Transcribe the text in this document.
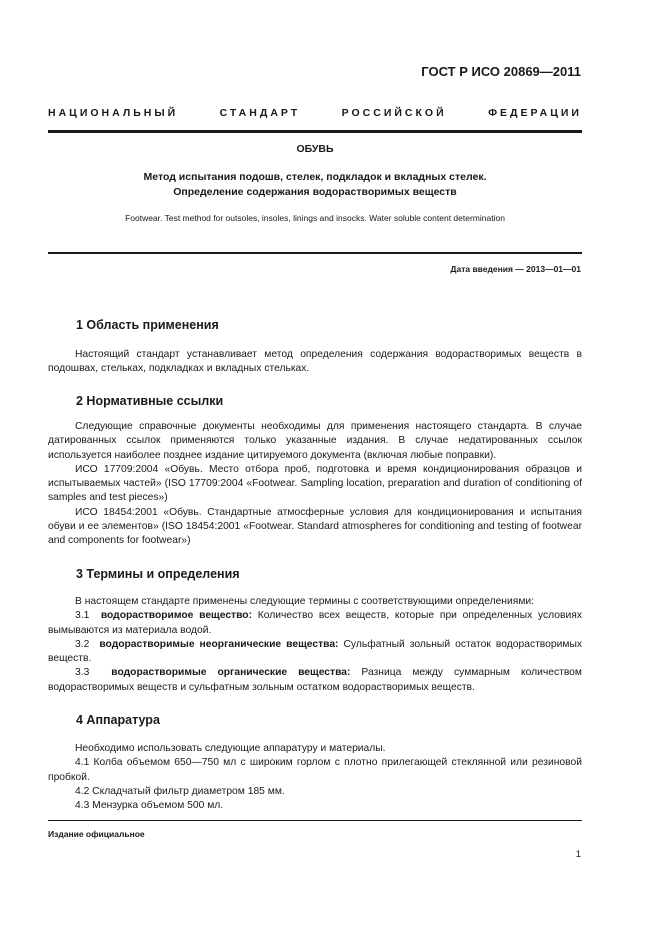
ГОСТ Р ИСО 20869—2011
НАЦИОНАЛЬНЫЙ	СТАНДАРТ	РОССИЙСКОЙ	ФЕДЕРАЦИИ
ОБУВЬ
Метод испытания подошв, стелек, подкладок и вкладных стелек.
Определение содержания водорастворимых веществ
Footwear. Test method for outsoles, insoles, linings and insocks. Water soluble content determination
Дата введения — 2013—01—01
1 Область применения

Настоящий стандарт устанавливает метод определения содержания водорастворимых веществ в подошвах, стельках, подкладках и вкладных стельках.

2 Нормативные ссылки

Следующие справочные документы необходимы для применения настоящего стандарта. В случае датированных ссылок применяются только указанные издания. В случае недатированных ссылок используется наиболее позднее издание цитируемого документа (включая любые поправки).

ИСО 17709:2004 «Обувь. Место отбора проб, подготовка и время кондиционирования образцов и испытываемых частей» (ISO 17709:2004 «Footwear. Sampling location, preparation and duration of conditioning of samples and test pieces»)

ИСО 18454:2001 «Обувь. Стандартные атмосферные условия для кондиционирования и испытания обуви и ее элементов» (ISO 18454:2001 «Footwear. Standard atmospheres for conditioning and testing of footwear and components for footwear»)

3 Термины и определения

В настоящем стандарте применены следующие термины с соответствующими определениями:

3.1 водорастворимое вещество: Количество всех веществ, которые при определенных условиях вымываются из материала водой.

3.2 водорастворимые неорганические вещества: Сульфатный зольный остаток водорастворимых веществ.

3.3 водорастворимые органические вещества: Разница между суммарным количеством водорастворимых веществ и сульфатным зольным остатком водорастворимых веществ.

4 Аппаратура

Необходимо использовать следующие аппаратуру и материалы.

4.1 Колба объемом 650—750 мл с широким горлом с плотно прилегающей стеклянной или резиновой пробкой.

4.2 Складчатый фильтр диаметром 185 мм.

4.3 Мензурка объемом 500 мл.

Издание официальное
1
